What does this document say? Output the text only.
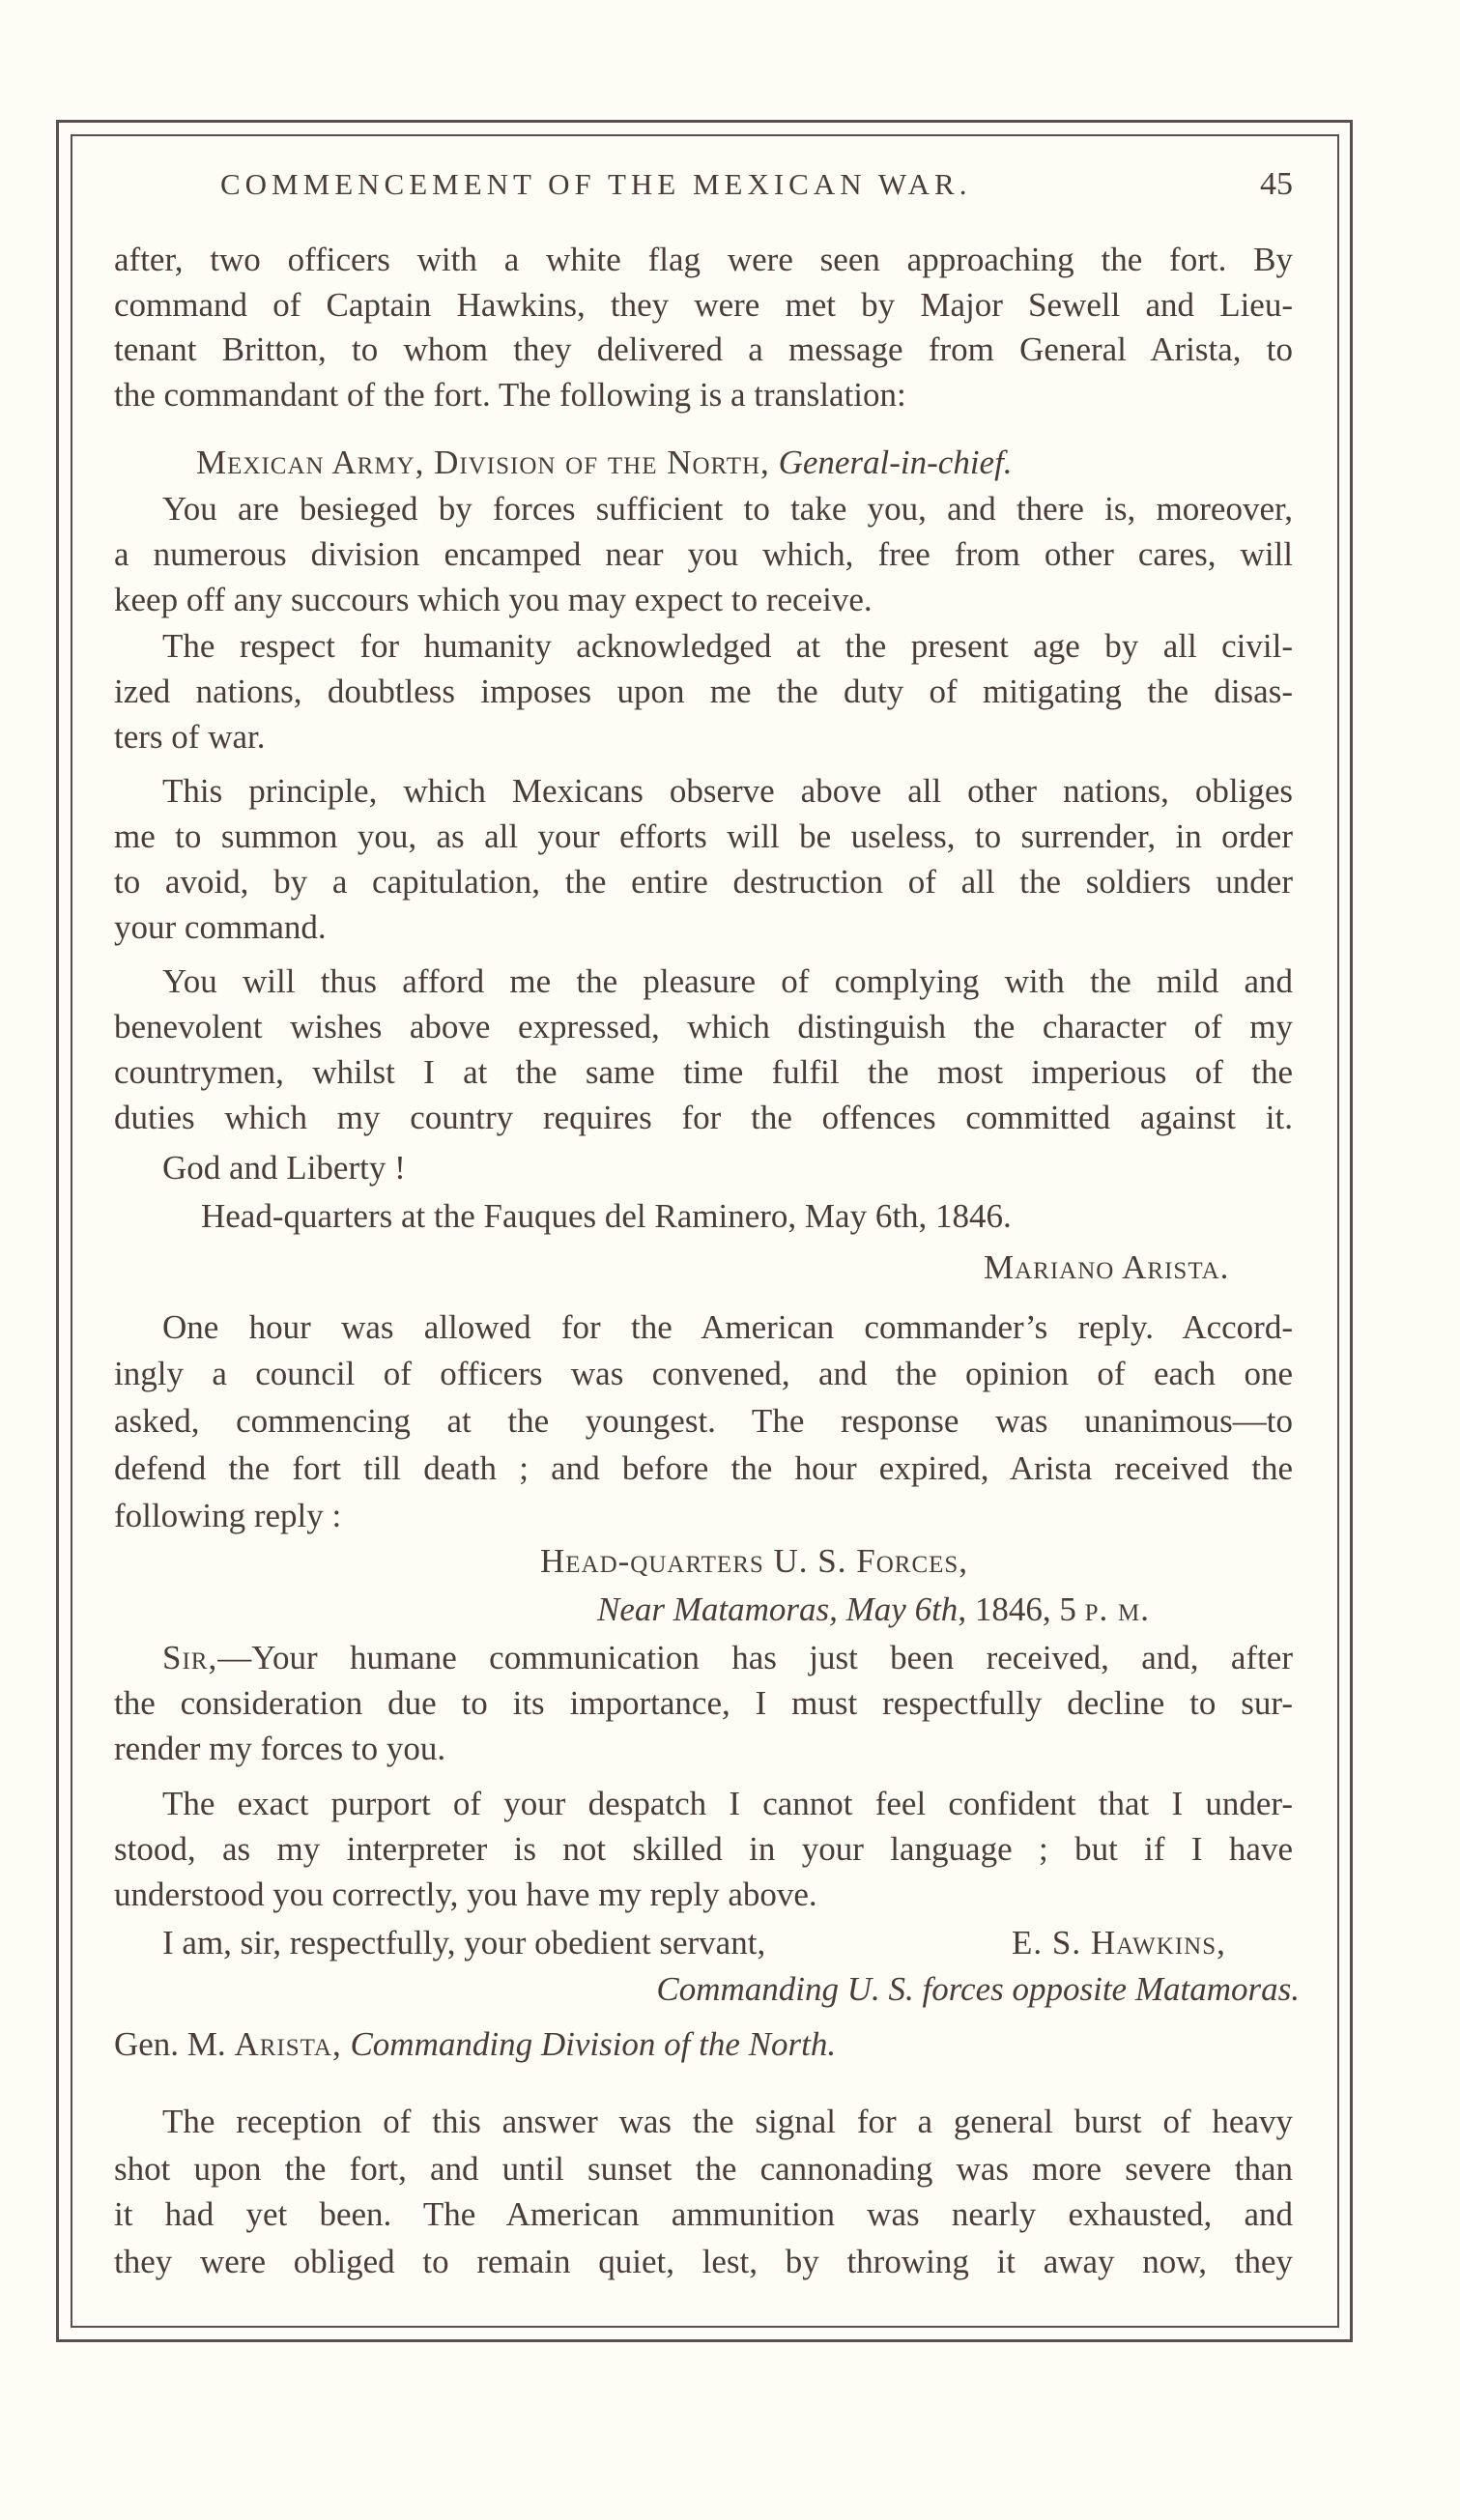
COMMENCEMENT OF THE MEXICAN WAR.	45
after, two officers with a white flag were seen approaching the fort. By
command of Captain Hawkins, they were met by Major Sewell and Lieu-
tenant Britton, to whom they delivered a message from General Arista, to
the commandant of the fort. The following is a translation:
Mexican Army, Division of the North, General-in-chief.
You are besieged by forces sufficient to take you, and there is, moreover,
a numerous division encamped near you which, free from other cares, will
keep off any succours which you may expect to receive.
The respect for humanity acknowledged at the present age by all civil-
ized nations, doubtless imposes upon me the duty of mitigating the disas-
ters of war.
This principle, which Mexicans observe above all other nations, obliges
me to summon you, as all your efforts will be useless, to surrender, in order
to avoid, by a capitulation, the entire destruction of all the soldiers under
your command.
You will thus afford me the pleasure of complying with the mild and
benevolent wishes above expressed, which distinguish the character of my
countrymen, whilst I at the same time fulfil the most imperious of the
duties which my country requires for the offences committed against it.
God and Liberty !
Head-quarters at the Fauques del Raminero, May 6th, 1846.
Mariano Arista.
One hour was allowed for the American commander’s reply. Accord-
ingly a council of officers was convened, and the opinion of each one
asked, commencing at the youngest. The response was unanimous—to
defend the fort till death ; and before the hour expired, Arista received the
following reply :
Head-quarters U. S. Forces,
Near Matamoras, May 6th, 1846, 5 p. m.
Sir, —Your humane communication has just been received, and, after
the consideration due to its importance, I must respectfully decline to sur-
render my forces to you.
The exact purport of your despatch I cannot feel confident that I under-
stood, as my interpreter is not skilled in your language ; but if I have
understood you correctly, you have my reply above.
I am, sir, respectfully, your obedient servant,	E. S. Hawkins,
Commanding U. S. forces opposite Matamoras.
Gen. M. Arista, Commanding Division of the North.
The reception of this answer was the signal for a general burst of heavy
shot upon the fort, and until sunset the cannonading was more severe than
it had yet been. The American ammunition was nearly exhausted, and
they were obliged to remain quiet, lest, by throwing it away now, they
